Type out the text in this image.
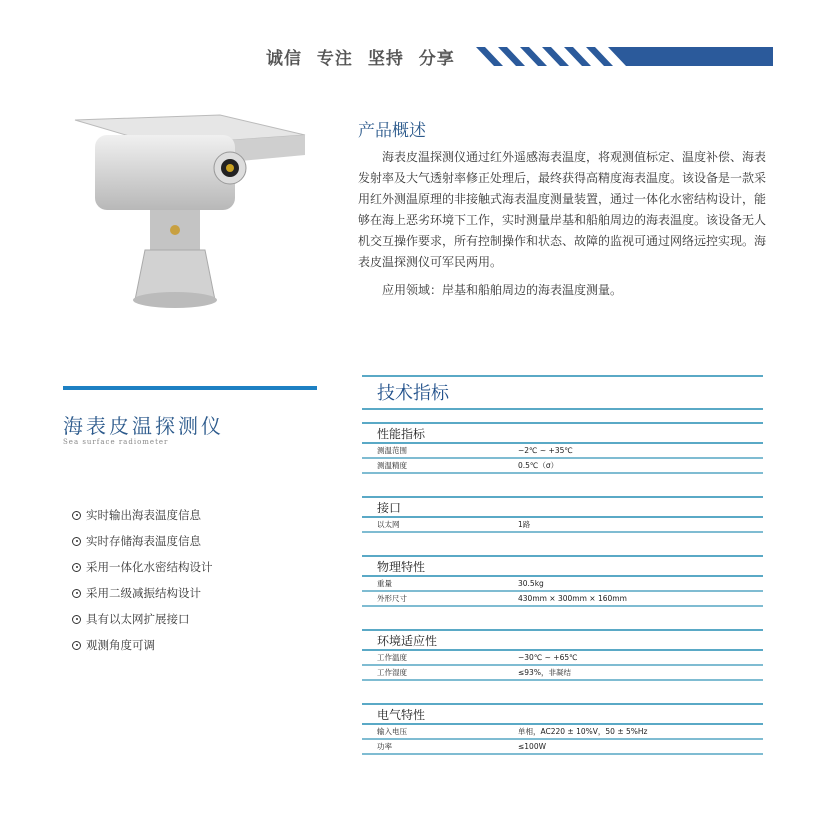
诚信 专注 坚持 分享
产品概述

海表皮温探测仪通过红外遥感海表温度，将观测值标定、温度补偿、海表发射率及大气透射率修正处理后，最终获得高精度海表温度。该设备是一款采用红外测温原理的非接触式海表温度测量装置，通过一体化水密结构设计，能够在海上恶劣环境下工作，实时测量岸基和船舶周边的海表温度。该设备无人机交互操作要求，所有控制操作和状态、故障的监视可通过网络远控实现。海表皮温探测仪可军民两用。

应用领域：岸基和船舶周边的海表温度测量。

海表皮温探测仪
Sea surface radiometer
实时输出海表温度信息
实时存储海表温度信息
采用一体化水密结构设计
采用二级减振结构设计
具有以太网扩展接口
观测角度可调
技术指标
性能指标
测温范围	−2℃ ~ +35℃
测温精度	0.5℃（σ）
接口
以太网	1路
物理特性
重量	30.5kg
外形尺寸	430mm × 300mm × 160mm
环境适应性
工作温度	−30℃ ~ +65℃
工作湿度	≤93%，非凝结
电气特性
输入电压	单相，AC220 ± 10%V，50 ± 5%Hz
功率	≤100W
